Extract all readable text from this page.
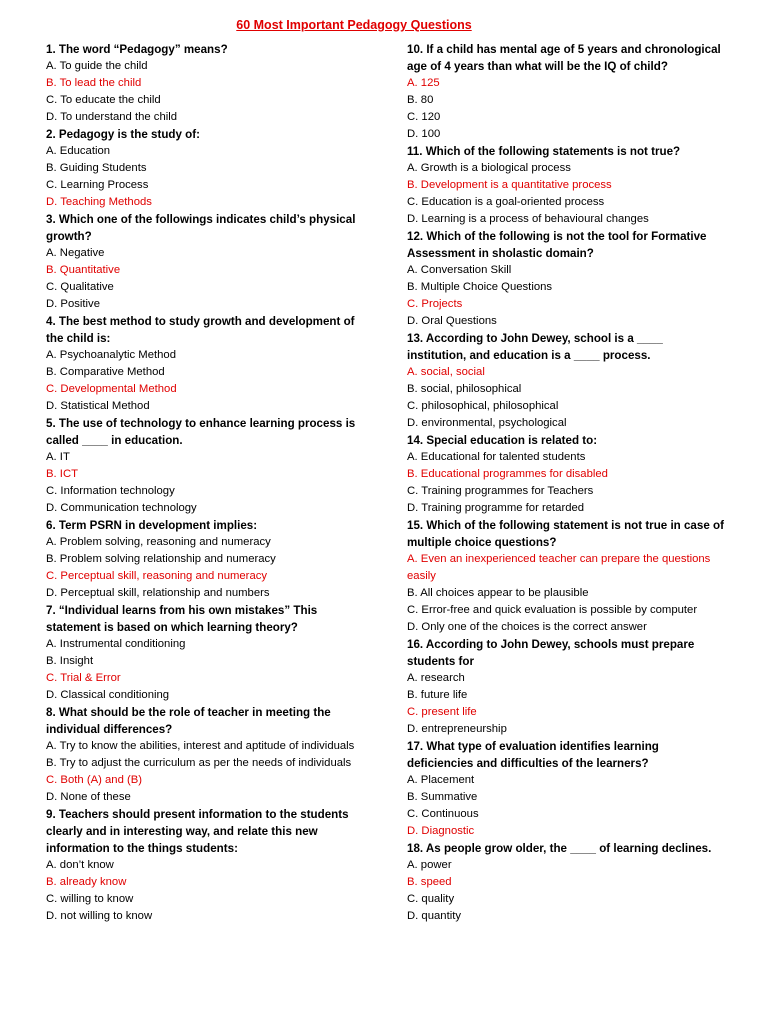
60 Most Important Pedagogy Questions

1. The word “Pedagogy” means?

A. To guide the child

B. To lead the child

C. To educate the child

D. To understand the child

2. Pedagogy is the study of:

A. Education

B. Guiding Students

C. Learning Process

D. Teaching Methods

3. Which one of the followings indicates child’s physical growth?

A. Negative

B. Quantitative

C. Qualitative

D. Positive

4. The best method to study growth and development of the child is:

A. Psychoanalytic Method

B. Comparative Method

C. Developmental Method

D. Statistical Method

5. The use of technology to enhance learning process is called ____ in education.

A. IT

B. ICT

C. Information technology

D. Communication technology

6. Term PSRN in development implies:

A. Problem solving, reasoning and numeracy

B. Problem solving relationship and numeracy

C. Perceptual skill, reasoning and numeracy

D. Perceptual skill, relationship and numbers

7. “Individual learns from his own mistakes” This statement is based on which learning theory?

A. Instrumental conditioning

B. Insight

C. Trial & Error

D. Classical conditioning

8. What should be the role of teacher in meeting the individual differences?

A. Try to know the abilities, interest and aptitude of individuals

B. Try to adjust the curriculum as per the needs of individuals

C. Both (A) and (B)

D. None of these

9. Teachers should present information to the students clearly and in interesting way, and relate this new information to the things students:

A. don’t know

B. already know

C. willing to know

D. not willing to know

10. If a child has mental age of 5 years and chronological age of 4 years than what will be the IQ of child?

A. 125

B. 80

C. 120

D. 100

11. Which of the following statements is not true?

A. Growth is a biological process

B. Development is a quantitative process

C. Education is a goal-oriented process

D. Learning is a process of behavioural changes

12. Which of the following is not the tool for Formative Assessment in sholastic domain?

A. Conversation Skill

B. Multiple Choice Questions

C. Projects

D. Oral Questions

13. According to John Dewey, school is a ____ institution, and education is a ____ process.

A. social, social

B. social, philosophical

C. philosophical, philosophical

D. environmental, psychological

14. Special education is related to:

A. Educational for talented students

B. Educational programmes for disabled

C. Training programmes for Teachers

D. Training programme for retarded

15. Which of the following statement is not true in case of multiple choice questions?

A. Even an inexperienced teacher can prepare the questions easily

B. All choices appear to be plausible

C. Error-free and quick evaluation is possible by computer

D. Only one of the choices is the correct answer

16. According to John Dewey, schools must prepare students for

A. research

B. future life

C. present life

D. entrepreneurship

17. What type of evaluation identifies learning deficiencies and difficulties of the learners?

A. Placement

B. Summative

C. Continuous

D. Diagnostic

18. As people grow older, the ____ of learning declines.

A. power

B. speed

C. quality

D. quantity
